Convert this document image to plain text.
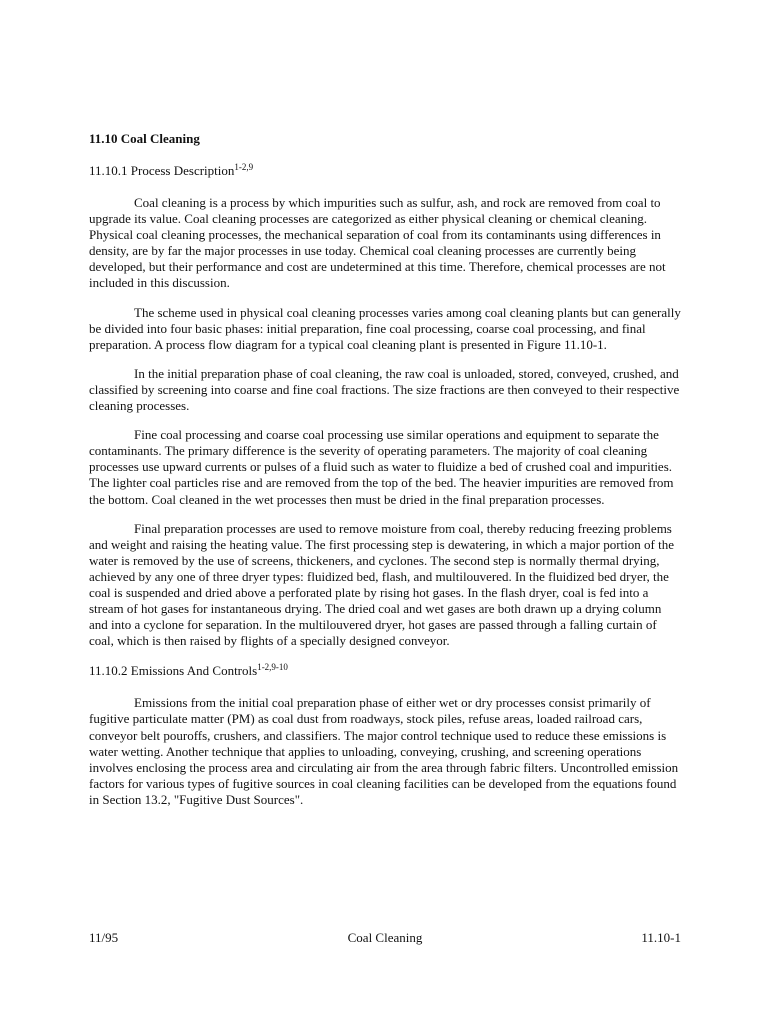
11.10 Coal Cleaning
11.10.1 Process Description$^{1-2,9}$

Coal cleaning is a process by which impurities such as sulfur, ash, and rock are removed from coal to upgrade its value. Coal cleaning processes are categorized as either physical cleaning or chemical cleaning. Physical coal cleaning processes, the mechanical separation of coal from its contaminants using differences in density, are by far the major processes in use today. Chemical coal cleaning processes are currently being developed, but their performance and cost are undetermined at this time. Therefore, chemical processes are not included in this discussion.

The scheme used in physical coal cleaning processes varies among coal cleaning plants but can generally be divided into four basic phases: initial preparation, fine coal processing, coarse coal processing, and final preparation. A process flow diagram for a typical coal cleaning plant is presented in Figure 11.10-1.

In the initial preparation phase of coal cleaning, the raw coal is unloaded, stored, conveyed, crushed, and classified by screening into coarse and fine coal fractions. The size fractions are then conveyed to their respective cleaning processes.

Fine coal processing and coarse coal processing use similar operations and equipment to separate the contaminants. The primary difference is the severity of operating parameters. The majority of coal cleaning processes use upward currents or pulses of a fluid such as water to fluidize a bed of crushed coal and impurities. The lighter coal particles rise and are removed from the top of the bed. The heavier impurities are removed from the bottom. Coal cleaned in the wet processes then must be dried in the final preparation processes.

Final preparation processes are used to remove moisture from coal, thereby reducing freezing problems and weight and raising the heating value. The first processing step is dewatering, in which a major portion of the water is removed by the use of screens, thickeners, and cyclones. The second step is normally thermal drying, achieved by any one of three dryer types: fluidized bed, flash, and multilouvered. In the fluidized bed dryer, the coal is suspended and dried above a perforated plate by rising hot gases. In the flash dryer, coal is fed into a stream of hot gases for instantaneous drying. The dried coal and wet gases are both drawn up a drying column and into a cyclone for separation. In the multilouvered dryer, hot gases are passed through a falling curtain of coal, which is then raised by flights of a specially designed conveyor.

11.10.2 Emissions And Controls$^{1-2,9-10}$

Emissions from the initial coal preparation phase of either wet or dry processes consist primarily of fugitive particulate matter (PM) as coal dust from roadways, stock piles, refuse areas, loaded railroad cars, conveyor belt pouroffs, crushers, and classifiers. The major control technique used to reduce these emissions is water wetting. Another technique that applies to unloading, conveying, crushing, and screening operations involves enclosing the process area and circulating air from the area through fabric filters. Uncontrolled emission factors for various types of fugitive sources in coal cleaning facilities can be developed from the equations found in Section 13.2, "Fugitive Dust Sources".

11/95	Coal Cleaning	11.10-1
